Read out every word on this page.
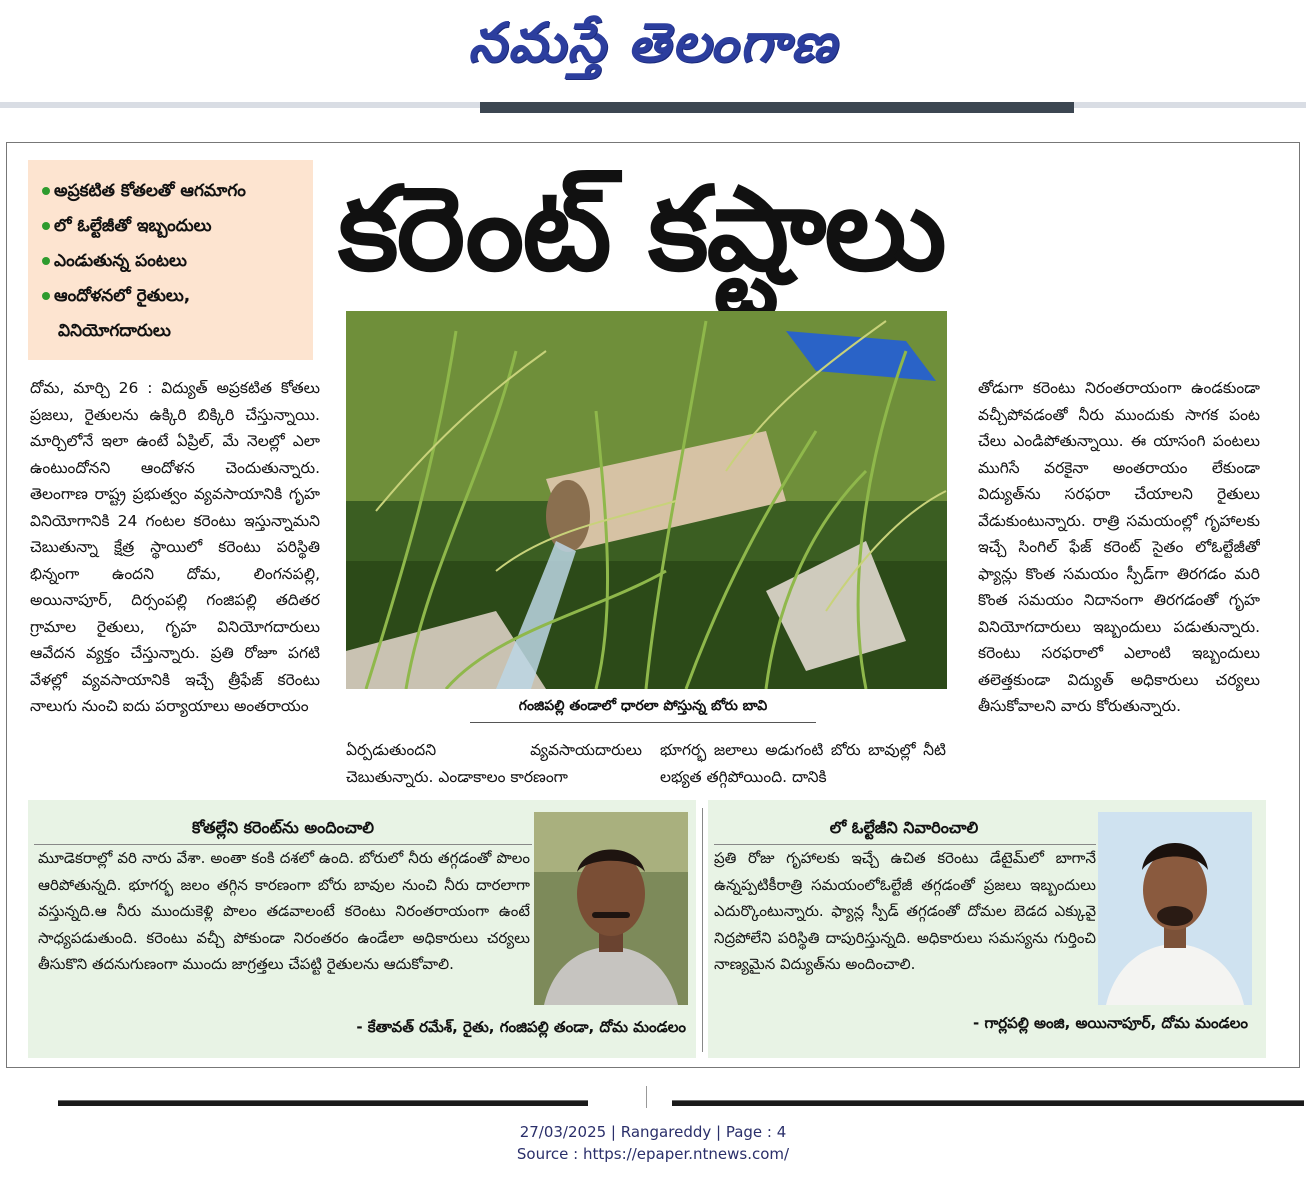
నమస్తే తెలంగాణ
అప్రకటిత కోతలతో ఆగమాగం
లో ఓల్టేజీతో ఇబ్బందులు
ఎండుతున్న పంటలు
ఆందోళనలో రైతులు,
వినియోగదారులు
కరెంట్ కష్టాలు
గంజిపల్లి తండాలో ధారలా పోస్తున్న బోరు బావి

దోమ, మార్చి 26 : విద్యుత్ అప్రకటిత కోతలు ప్రజలు, రైతులను ఉక్కిరి బిక్కిరి చేస్తున్నాయి. మార్చిలోనే ఇలా ఉంటే ఏప్రిల్, మే నెలల్లో ఎలా ఉంటుందోనని ఆందోళన చెందుతున్నారు. తెలంగాణ రాష్ట్ర ప్రభుత్వం వ్యవసాయానికి గృహ వినియోగానికి 24 గంటల కరెంటు ఇస్తున్నామని చెబుతున్నా క్షేత్ర స్థాయిలో కరెంటు పరిస్థితి భిన్నంగా ఉందని దోమ, లింగనపల్లి, అయినాపూర్, దిర్సంపల్లి గంజిపల్లి తదితర గ్రామాల రైతులు, గృహ వినియోగదారులు ఆవేదన వ్యక్తం చేస్తున్నారు. ప్రతి రోజూ పగటి వేళల్లో వ్యవసాయానికి ఇచ్చే త్రీఫేజ్ కరెంటు నాలుగు నుంచి ఐదు పర్యాయాలు అంతరాయం

ఏర్పడుతుందని వ్యవసాయదారులు చెబుతున్నారు. ఎండాకాలం కారణంగా

భూగర్భ జలాలు అడుగంటి బోరు బావుల్లో నీటి లభ్యత తగ్గిపోయింది. దానికి

తోడుగా కరెంటు నిరంతరాయంగా ఉండకుండా వచ్చీపోవడంతో నీరు ముందుకు సాగక పంట చేలు ఎండిపోతున్నాయి. ఈ యాసంగి పంటలు ముగిసే వరకైనా అంతరాయం లేకుండా విద్యుత్‌ను సరఫరా చేయాలని రైతులు వేడుకుంటున్నారు. రాత్రి సమయంల్లో గృహాలకు ఇచ్చే సింగిల్ ఫేజ్ కరెంట్ సైతం లోఓల్టేజీతో ఫ్యాన్లు కొంత సమయం స్పీడ్‌గా తిరగడం మరి కొంత సమయం నిదానంగా తిరగడంతో గృహ వినియోగదారులు ఇబ్బందులు పడుతున్నారు. కరెంటు సరఫరాలో ఎలాంటి ఇబ్బందులు తలెత్తకుండా విద్యుత్ అధికారులు చర్యలు తీసుకోవాలని వారు కోరుతున్నారు.

కోతల్లేని కరెంట్‌ను అందించాలి
మూడెకరాల్లో వరి నారు వేశా. అంతా కంకి దశలో ఉంది. బోరులో నీరు తగ్గడంతో పొలం ఆరిపోతున్నది. భూగర్భ జలం తగ్గిన కారణంగా బోరు బావుల నుంచి నీరు దారలాగా వస్తున్నది.ఆ నీరు ముందుకెళ్లి పొలం తడవాలంటే కరెంటు నిరంతరాయంగా ఉంటే సాధ్యపడుతుంది. కరెంటు వచ్చీ పోకుండా నిరంతరం ఉండేలా అధికారులు చర్యలు తీసుకొని తదనుగుణంగా ముందు జాగ్రత్తలు చేపట్టి రైతులను ఆదుకోవాలి.
- కేతావత్ రమేశ్, రైతు, గంజిపల్లి తండా, దోమ మండలం
లో ఓల్టేజీని నివారించాలి
ప్రతి రోజు గృహాలకు ఇచ్చే ఉచిత కరెంటు డేటైమ్‌లో బాగానే ఉన్నప్పటికీరాత్రి సమయంలోఓల్టేజీ తగ్గడంతో ప్రజలు ఇబ్బందులు ఎదుర్కొంటున్నారు. ఫ్యాన్ల స్పీడ్ తగ్గడంతో దోమల బెడద ఎక్కువై నిద్రపోలేని పరిస్థితి దాపురిస్తున్నది. అధికారులు సమస్యను గుర్తించి నాణ్యమైన విద్యుత్‌ను అందించాలి.
- గార్లపల్లి అంజి, అయినాపూర్, దోమ మండలం
27/03/2025 | Rangareddy | Page : 4
Source : https://epaper.ntnews.com/
